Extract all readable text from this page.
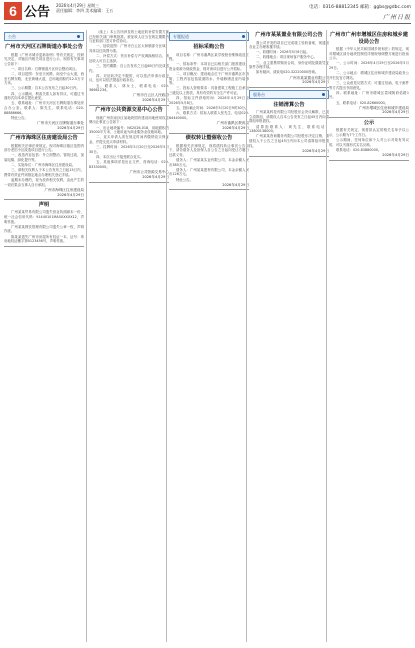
6 公告 2026年4月29日 星期三
责任编辑：李四 美术编辑：王五
电话：0316-88812345 邮箱：ggbs@gdbc.com
广州日报
公告
广州市天河区石牌街道办事处公告

根据《广州市城市更新条例》等有关规定，经研究决定，对辖区内相关项目进行公示，现将有关事项公告如下：

一、项目名称：石牌街道片区综合整治项目。

二、项目范围：东至天河路，南至中山大道，西至石牌东路，北至黄埔大道，总用地面积约12.5万平方米。

三、公示期限：自本公告发布之日起30日内。

四、公示期间，利害关系人如有异议，可通过书面形式向本单位提出意见。

五、联系地址：广州市天河区石牌街道办事处综合办公室。联系人：陈先生，联系电话：020-88886666。

特此公告。

广州市天河区石牌街道办事处
2026年4月29日
广州市海珠区住房建设局公告

根据相关法律法规规定，现对海珠区辖区范围内部分老旧小区改造项目进行公告。

一、改造内容包括：外立面整治、管线迁改、加装电梯、绿化提升等。

二、实施单位：广州市海珠区住房建设局。

三、请相关权利人于本公告发布之日起15日内，携带有效证件到指定地点办理相关登记手续。

逾期未办理的，视为放弃相关权利，由此产生的一切后果由当事人自行承担。

广州市海珠区住房建设局
2026年4月29日
声明

广州某某贸易有限公司遗失营业执照副本一份，统一社会信用代码：91440101MA5XXXXX12，声明作废。

广州某某餐饮管理有限公司遗失公章一枚，声明作废。

陈某某遗失广州市房屋所有权证一本，证号：粤房地权证穗字第0123456号，声明作废。

（续上）本公告所涉及的土地征收补偿安置方案已经相关部门审核批准。被征收人应当在规定期限内与征收部门签订补偿协议。

一、征收范围：广州市白云区太和镇部分区域，具体以红线图为准。

二、补偿方式：货币补偿与产权调换相结合，被征收人可自主选择。

三、签约期限：自公告发布之日起60日内完成签约。

四、对征收决定不服的，可以依法申请行政复议，也可以依法提起行政诉讼。

五、联系人：林女士，联系电话：020-36661234。

广州市白云区人民政府
2026年4月29日
广州市公共资源交易中心公告

现就广州市南沙区某地块国有建设用地使用权挂牌出让事宜公告如下：

一、出让地块编号：NS2026-018，用地面积约35000平方米，土地用途为商业服务业设施用地。

二、竞买申请人须在规定时间内缴纳竞买保证金，并提交竞买申请材料。

三、挂牌时间：2026年5月20日至2026年5月30日。

四、本次出让不接受联合竞买。

五、其他事项详见出让文件，咨询电话：020-83330000。

广州市公共资源交易中心
2026年4月29日
专题报道
招标采购公告

项目名称：广州市番禺区某学校校舍维修改造工程。

一、招标条件：本项目已由相关部门批准建设，资金来源为财政资金，现对该项目进行公开招标。

二、项目概况：建设地点位于广州市番禺区市桥街，工程内容包括屋面防水、外墙修缮及室内装修等。

三、投标人资格要求：具备建筑工程施工总承包三级及以上资质，具有有效的安全生产许可证。

四、招标文件获取时间：2026年4月29日至2026年5月8日。

五、投标截止时间：2026年5月20日9时30分。

六、联系方式：招标人联系人张先生，电话020-84440000。

广州市番禺区教育局
2026年4月29日
债权转让暨催收公告

根据相关法律规定，现将债权转让事宜公告如下，请各债务人及担保人自公告之日起向受让方履行还款义务。

债务人：广州某某实业有限公司，本金余额人民币385万元。

债务人：广州某某建材有限公司，本金余额人民币126万元。

特此公告。

2026年4月29日
广州市某某置业有限公司公告

我公司开发的项目已完成竣工验收备案，现通知各业主办理收楼手续。

一、收楼时间：2026年5月6日起。

二、收楼地点：项目现场客户服务中心。

三、业主需携带购房合同、身份证明及缴款凭证原件办理手续。

如有疑问，请致电020-32220000咨询。

广州市某某置业有限公司
2026年4月29日
服务台
注销清算公告

广州某某科技有限公司经股东会决议解散，已成立清算组，请债权人自本公告发布之日起45日内向清算组申报债权。

清算组联系人：黄先生，联系电话：13800138000。

广州某某咨询服务有限公司经股东决定注销，请债权人于公告之日起45日内向本公司清算组申报债权。

2026年4月29日
广州市广州市增城区住房和城乡建设局公告

根据《中华人民共和国城乡规划法》的规定，现对增城区部分地块控制性详细规划调整方案进行批前公示。

一、公示时间：2026年4月29日至2026年5月29日。

二、公示地点：增城区住房和城乡建设局政务公开栏及官方网站。

三、公众意见反馈方式：可通过信函、电子邮件等方式提出书面意见。

四、联系地址：广州市增城区荔城街府佑路1号。

五、联系电话：020-82660000。

广州市增城区住房和城乡建设局
2026年4月29日
公示

根据有关规定，现将拟认定的相关名单予以公示，公示期为7个工作日。

公示期间，任何单位和个人对公示对象有异议的，可以书面形式实名反映。

联系电话：020-83880000。

2026年4月29日
